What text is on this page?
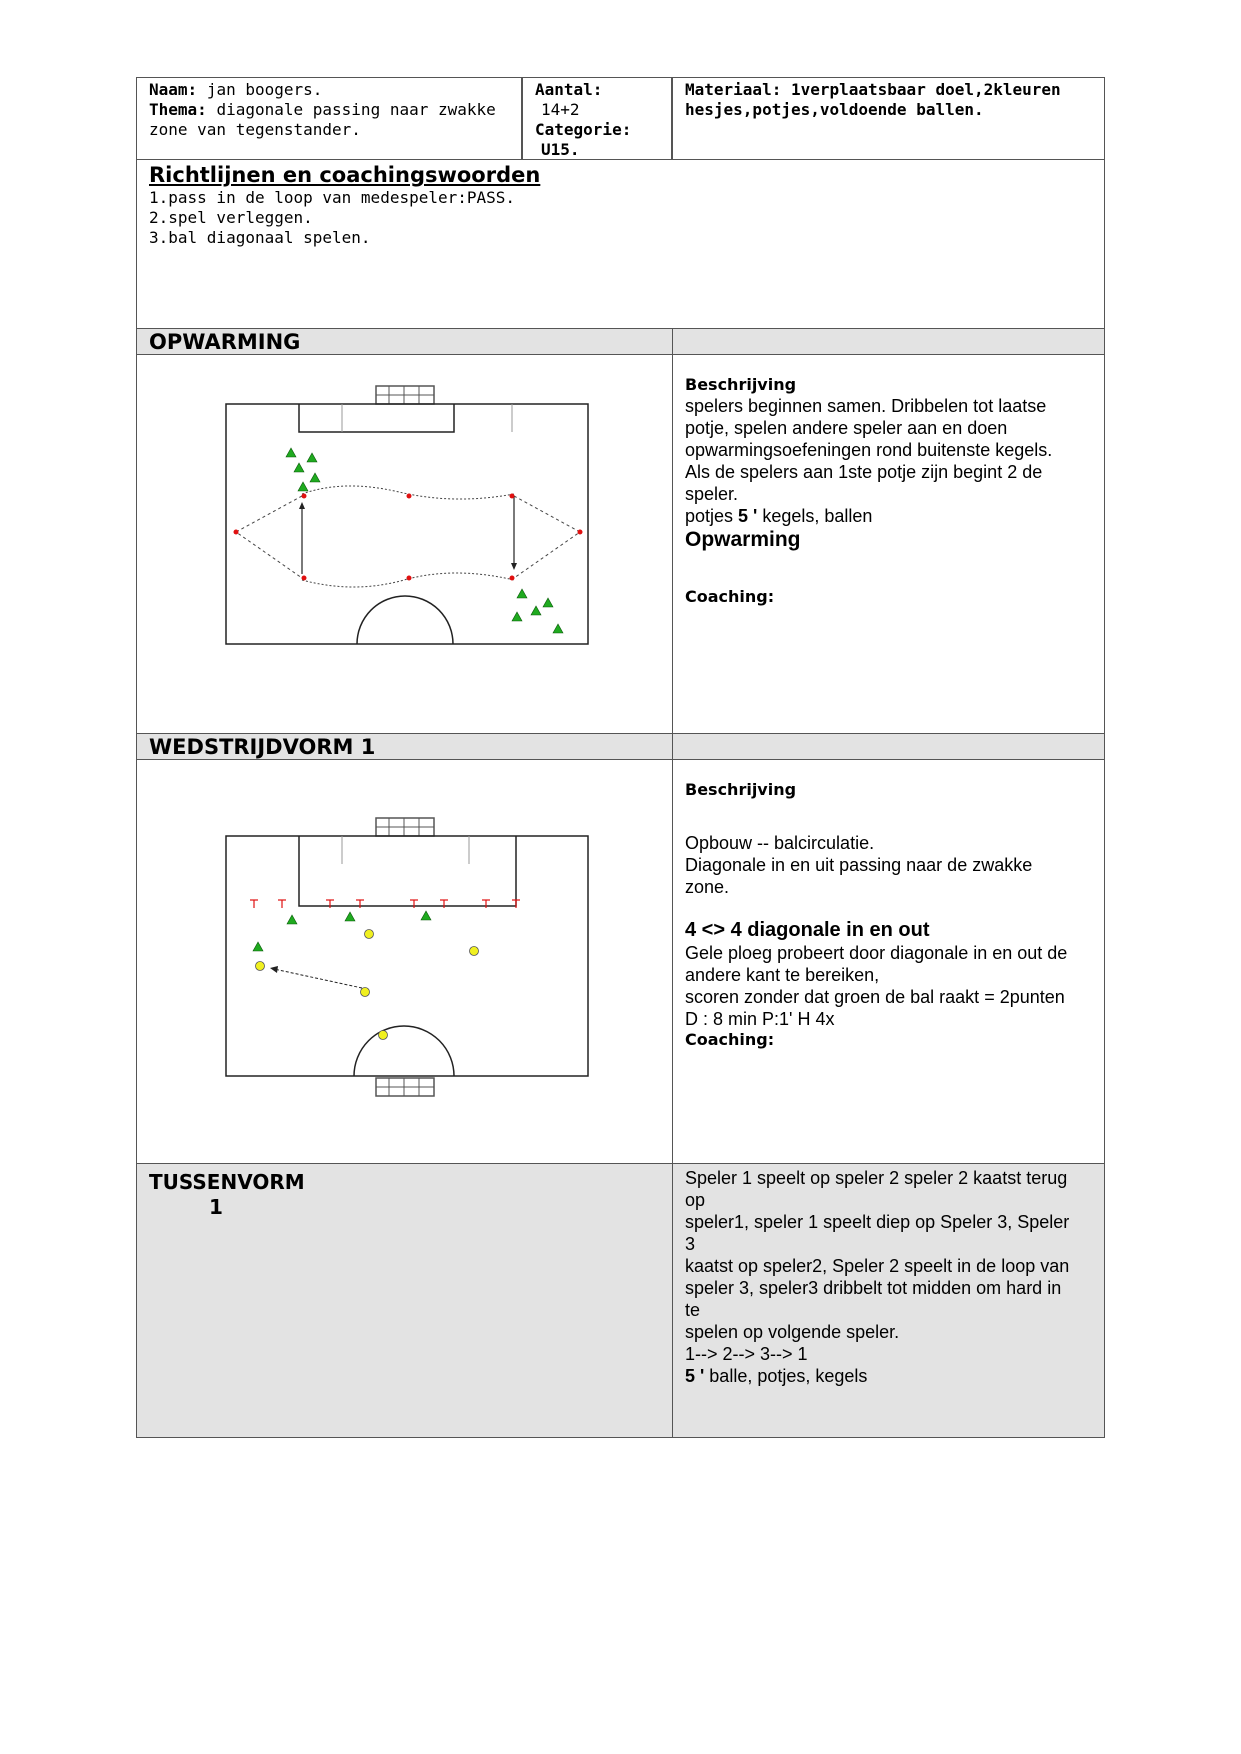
Naam: jan boogers.
Thema: diagonale passing naar zwakke zone van tegenstander.
Aantal:
14+2
Categorie:
U15.
Materiaal: 1verplaatsbaar doel,2kleuren hesjes,potjes,voldoende ballen.
Richtlijnen en coachingswoorden
1.pass in de loop van medespeler:PASS.
2.spel verleggen.
3.bal diagonaal spelen.
OPWARMING
Beschrijving
spelers beginnen samen. Dribbelen tot laatse
potje, spelen andere speler aan en doen
opwarmingsoefeningen rond buitenste kegels.
Als de spelers aan 1ste potje zijn begint 2 de
speler.
potjes 5 ' kegels, ballen
Opwarming
Coaching:
WEDSTRIJDVORM 1
Beschrijving
Opbouw -- balcirculatie.
Diagonale in en uit passing naar de zwakke
zone.
4 <> 4 diagonale in en out
Gele ploeg probeert door diagonale in en out de
andere kant te bereiken,
scoren zonder dat groen de bal raakt = 2punten
D : 8 min P:1' H 4x
Coaching:
TUSSENVORM
1
Speler 1 speelt op speler 2 speler 2 kaatst terug
op
speler1, speler 1 speelt diep op Speler 3, Speler
3
kaatst op speler2, Speler 2 speelt in de loop van
speler 3, speler3 dribbelt tot midden om hard in
te
spelen op volgende speler.
1--> 2--> 3--> 1
5 ' balle, potjes, kegels
